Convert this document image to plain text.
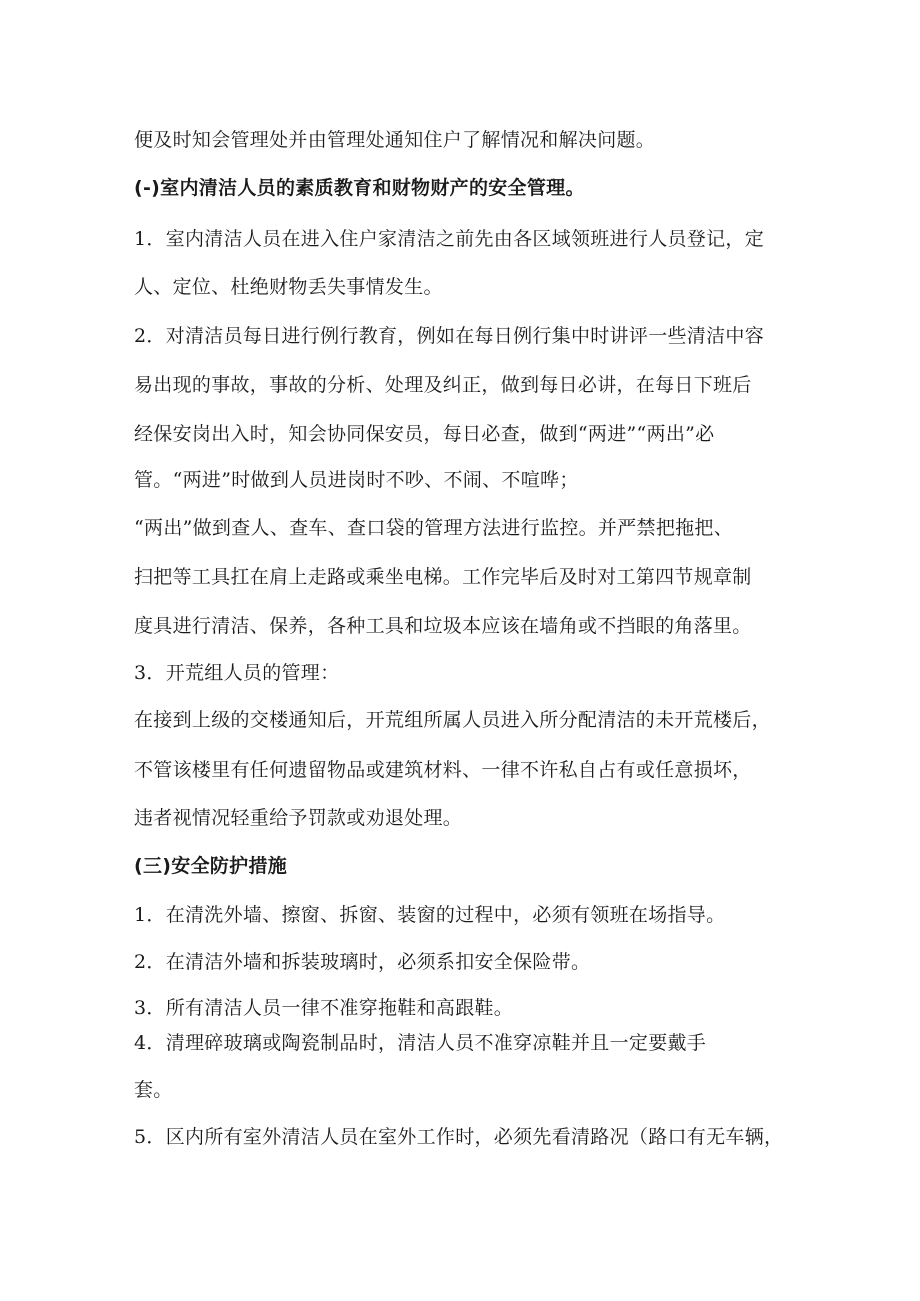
便及时知会管理处并由管理处通知住户了解情况和解决问题。
(-)室内清洁人员的素质教育和财物财产的安全管理。
1．室内清洁人员在进入住户家清洁之前先由各区域领班进行人员登记，定
人、定位、杜绝财物丢失事情发生。
2．对清洁员每日进行例行教育，例如在每日例行集中时讲评一些清洁中容
易出现的事故，事故的分析、处理及纠正，做到每日必讲，在每日下班后
经保安岗出入时，知会协同保安员，每日必查，做到“两进”“两出”必
管。“两进”时做到人员进岗时不吵、不闹、不喧哗；
“两出”做到查人、查车、查口袋的管理方法进行监控。并严禁把拖把、
扫把等工具扛在肩上走路或乘坐电梯。工作完毕后及时对工第四节规章制
度具进行清洁、保养，各种工具和垃圾本应该在墙角或不挡眼的角落里。
3．开荒组人员的管理：
在接到上级的交楼通知后，开荒组所属人员进入所分配清洁的未开荒楼后，
不管该楼里有任何遗留物品或建筑材料、一律不许私自占有或任意损坏，
违者视情况轻重给予罚款或劝退处理。
(三)安全防护措施
1．在清洗外墙、擦窗、拆窗、装窗的过程中，必须有领班在场指导。
2．在清洁外墙和拆装玻璃时，必须系扣安全保险带。
3．所有清洁人员一律不准穿拖鞋和高跟鞋。
4．清理碎玻璃或陶瓷制品时，清洁人员不准穿凉鞋并且一定要戴手
套。
5．区内所有室外清洁人员在室外工作时，必须先看清路况（路口有无车辆，
